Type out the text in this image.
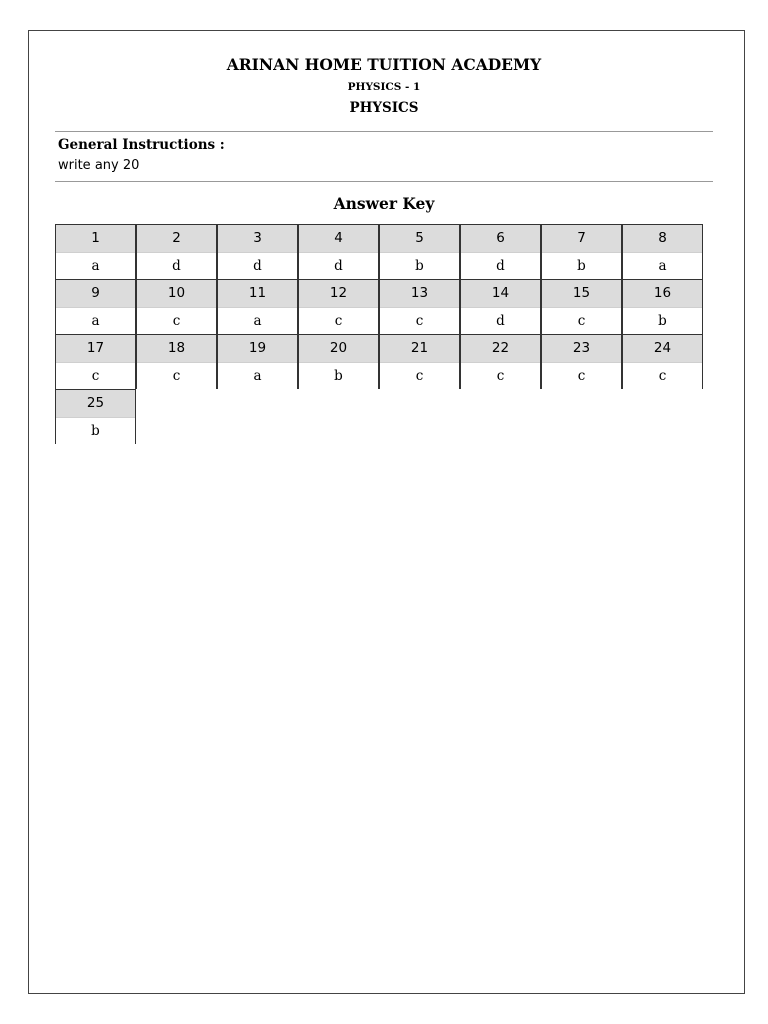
ARINAN HOME TUITION ACADEMY
PHYSICS - 1
PHYSICS
General Instructions :
write any 20
Answer Key
1
a
2
d
3
d
4
d
5
b
6
d
7
b
8
a
9
a
10
c
11
a
12
c
13
c
14
d
15
c
16
b
17
c
18
c
19
a
20
b
21
c
22
c
23
c
24
c
25
b
